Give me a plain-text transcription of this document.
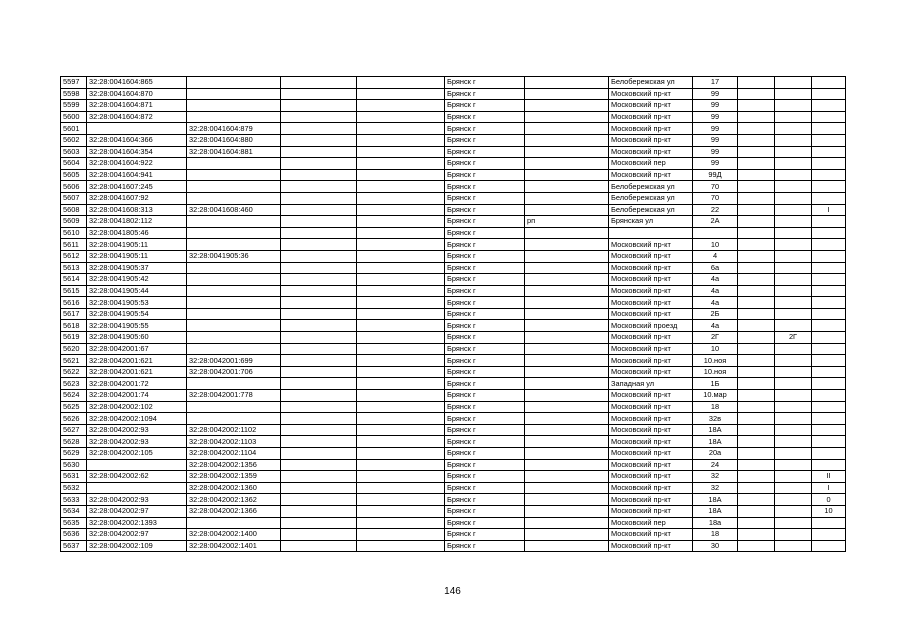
5597	32:28:0041604:865				Брянск г		Белобережская ул	17			
5598	32:28:0041604:870				Брянск г		Московский пр-кт	99			
5599	32:28:0041604:871				Брянск г		Московский пр-кт	99			
5600	32:28:0041604:872				Брянск г		Московский пр-кт	99			
5601		32:28:0041604:879			Брянск г		Московский пр-кт	99			
5602	32:28:0041604:366	32:28:0041604:880			Брянск г		Московский пр-кт	99			
5603	32:28:0041604:354	32:28:0041604:881			Брянск г		Московский пр-кт	99			
5604	32:28:0041604:922				Брянск г		Московский пер	99			
5605	32:28:0041604:941				Брянск г		Московский пр-кт	99Д			
5606	32:28:0041607:245				Брянск г		Белобережская ул	70			
5607	32:28:0041607:92				Брянск г		Белобережская ул	70			
5608	32:28:0041608:313	32:28:0041608:460			Брянск г		Белобережская ул	22			I
5609	32:28:0041802:112				Брянск г	рп	Брянская ул	2А			
5610	32:28:0041805:46				Брянск г						
5611	32:28:0041905:11				Брянск г		Московский пр-кт	10			
5612	32:28:0041905:11	32:28:0041905:36			Брянск г		Московский пр-кт	4			
5613	32:28:0041905:37				Брянск г		Московский пр-кт	6а			
5614	32:28:0041905:42				Брянск г		Московский пр-кт	4а			
5615	32:28:0041905:44				Брянск г		Московский пр-кт	4а			
5616	32:28:0041905:53				Брянск г		Московский пр-кт	4а			
5617	32:28:0041905:54				Брянск г		Московский пр-кт	2Б			
5618	32:28:0041905:55				Брянск г		Московский проезд	4а			
5619	32:28:0041905:60				Брянск г		Московский пр-кт	2Г		2Г	
5620	32:28:0042001:67				Брянск г		Московский пр-кт	10			
5621	32:28:0042001:621	32:28:0042001:699			Брянск г		Московский пр-кт	10.ноя			
5622	32:28:0042001:621	32:28:0042001:706			Брянск г		Московский пр-кт	10.ноя			
5623	32:28:0042001:72				Брянск г		Западная ул	1Б			
5624	32:28:0042001:74	32:28:0042001:778			Брянск г		Московский пр-кт	10.мар			
5625	32:28:0042002:102				Брянск г		Московский пр-кт	18			
5626	32:28:0042002:1094				Брянск г		Московский пр-кт	32в			
5627	32:28:0042002:93	32:28:0042002:1102			Брянск г		Московский пр-кт	18А			
5628	32:28:0042002:93	32:28:0042002:1103			Брянск г		Московский пр-кт	18А			
5629	32:28:0042002:105	32:28:0042002:1104			Брянск г		Московский пр-кт	20а			
5630		32:28:0042002:1356			Брянск г		Московский пр-кт	24			
5631	32:28:0042002:62	32:28:0042002:1359			Брянск г		Московский пр-кт	32			II
5632		32:28:0042002:1360			Брянск г		Московский пр-кт	32			I
5633	32:28:0042002:93	32:28:0042002:1362			Брянск г		Московский пр-кт	18А			0
5634	32:28:0042002:97	32:28:0042002:1366			Брянск г		Московский пр-кт	18А			10
5635	32:28:0042002:1393				Брянск г		Московский пер	18а			
5636	32:28:0042002:97	32:28:0042002:1400			Брянск г		Московский пр-кт	18			
5637	32:28:0042002:109	32:28:0042002:1401			Брянск г		Московский пр-кт	30			
146
